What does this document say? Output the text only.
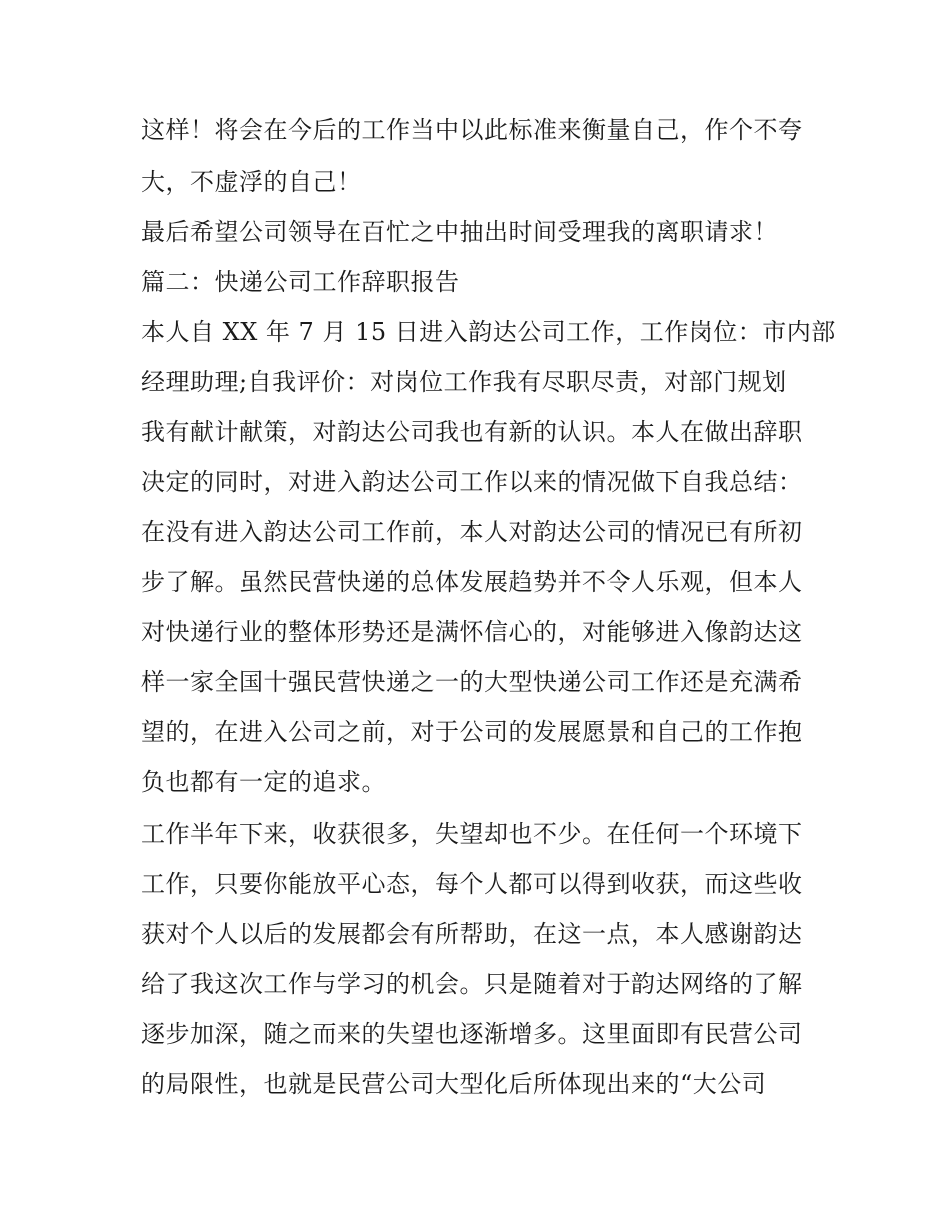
这样！将会在今后的工作当中以此标准来衡量自己，作个不夸
大，不虚浮的自己！
最后希望公司领导在百忙之中抽出时间受理我的离职请求！
篇二：快递公司工作辞职报告
本人自 XX 年 7 月 15 日进入韵达公司工作，工作岗位：市内部
经理助理;自我评价：对岗位工作我有尽职尽责，对部门规划
我有献计献策，对韵达公司我也有新的认识。本人在做出辞职
决定的同时，对进入韵达公司工作以来的情况做下自我总结：
在没有进入韵达公司工作前，本人对韵达公司的情况已有所初
步了解。虽然民营快递的总体发展趋势并不令人乐观，但本人
对快递行业的整体形势还是满怀信心的，对能够进入像韵达这
样一家全国十强民营快递之一的大型快递公司工作还是充满希
望的，在进入公司之前，对于公司的发展愿景和自己的工作抱
负也都有一定的追求。
工作半年下来，收获很多，失望却也不少。在任何一个环境下
工作，只要你能放平心态，每个人都可以得到收获，而这些收
获对个人以后的发展都会有所帮助，在这一点，本人感谢韵达
给了我这次工作与学习的机会。只是随着对于韵达网络的了解
逐步加深，随之而来的失望也逐渐增多。这里面即有民营公司
的局限性，也就是民营公司大型化后所体现出来的“大公司
